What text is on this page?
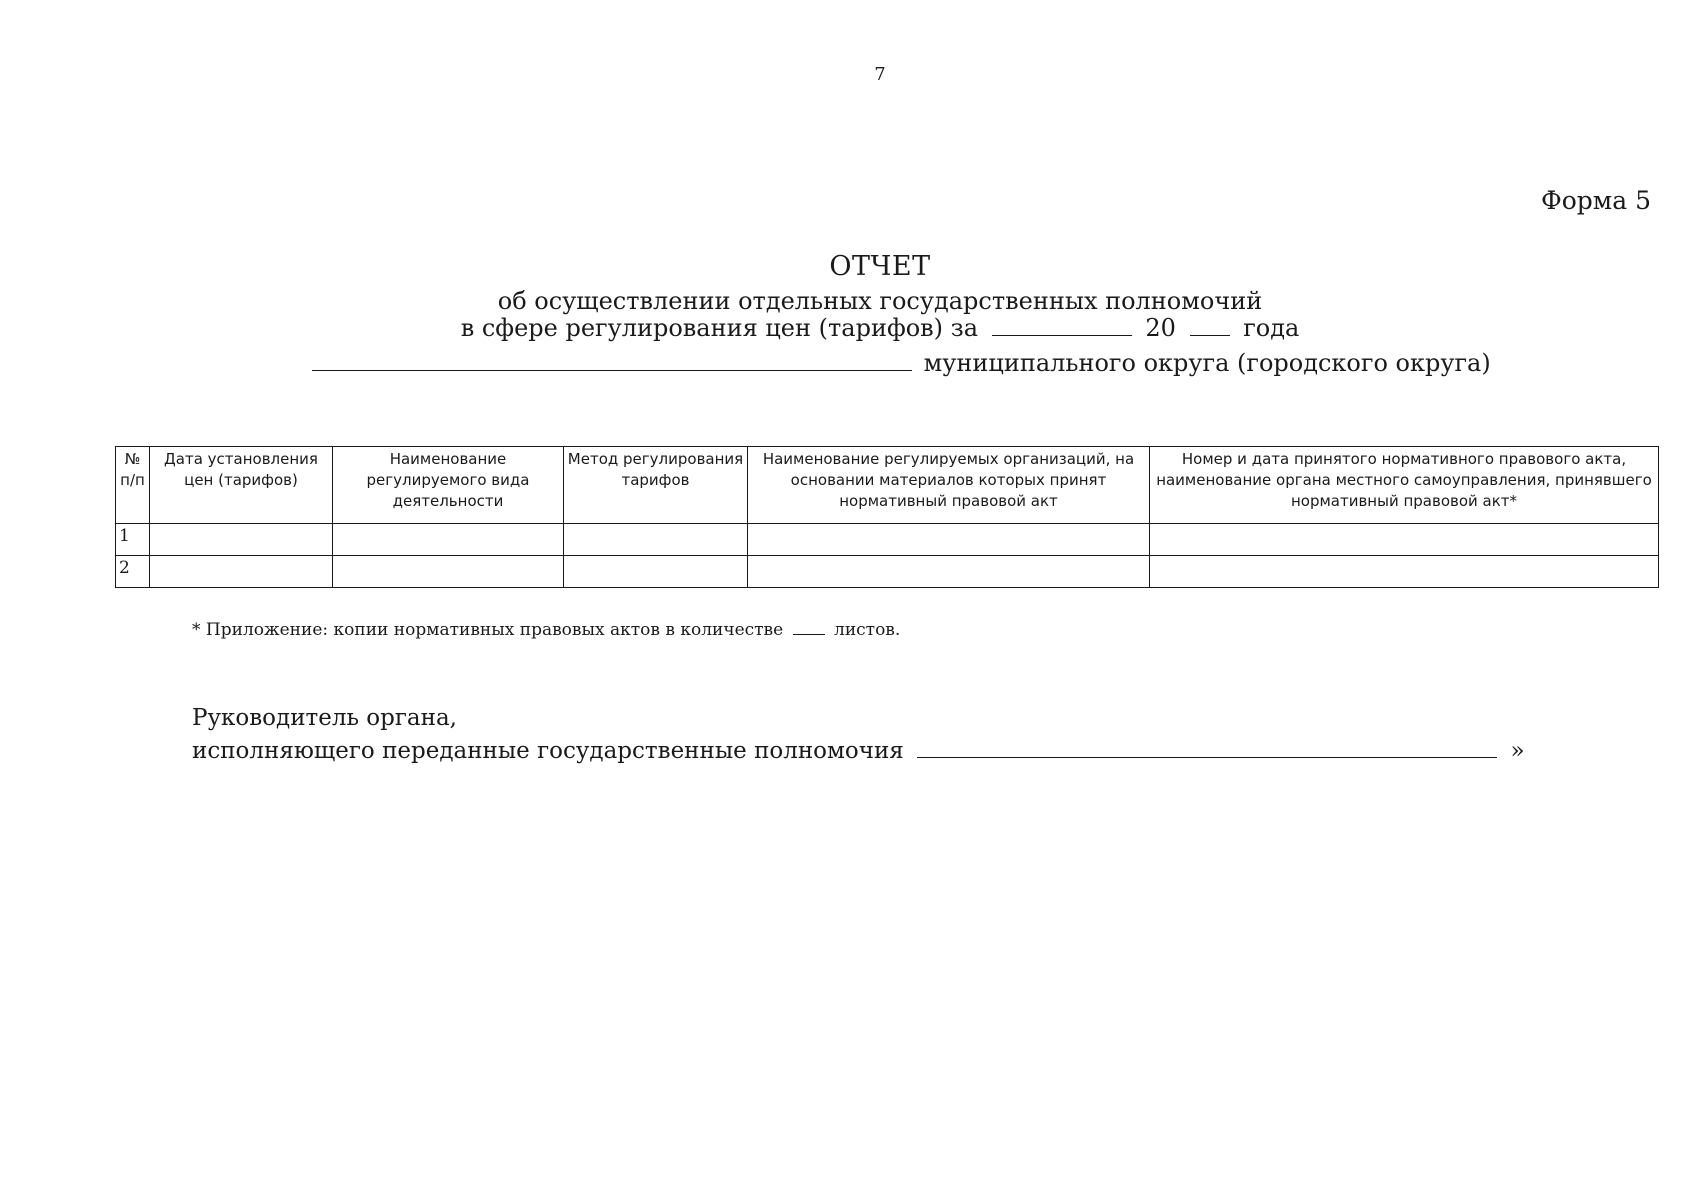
7
Форма 5
ОТЧЕТ
об осуществлении отдельных государственных полномочий
в сфере регулирования цен (тарифов) за	20	года
муниципального округа (городского округа)
№ п/п	Дата установления цен (тарифов)	Наименование регулируемого вида деятельности	Метод регулирования тарифов	Наименование регулируемых организаций, на основании материалов которых принят нормативный правовой акт	Номер и дата принятого нормативного правового акта, наименование органа местного самоуправления, принявшего нормативный правовой акт*
1					
2					
* Приложение: копии нормативных правовых актов в количестве	листов.
Руководитель органа,
исполняющего переданные государственные полномочия	»
